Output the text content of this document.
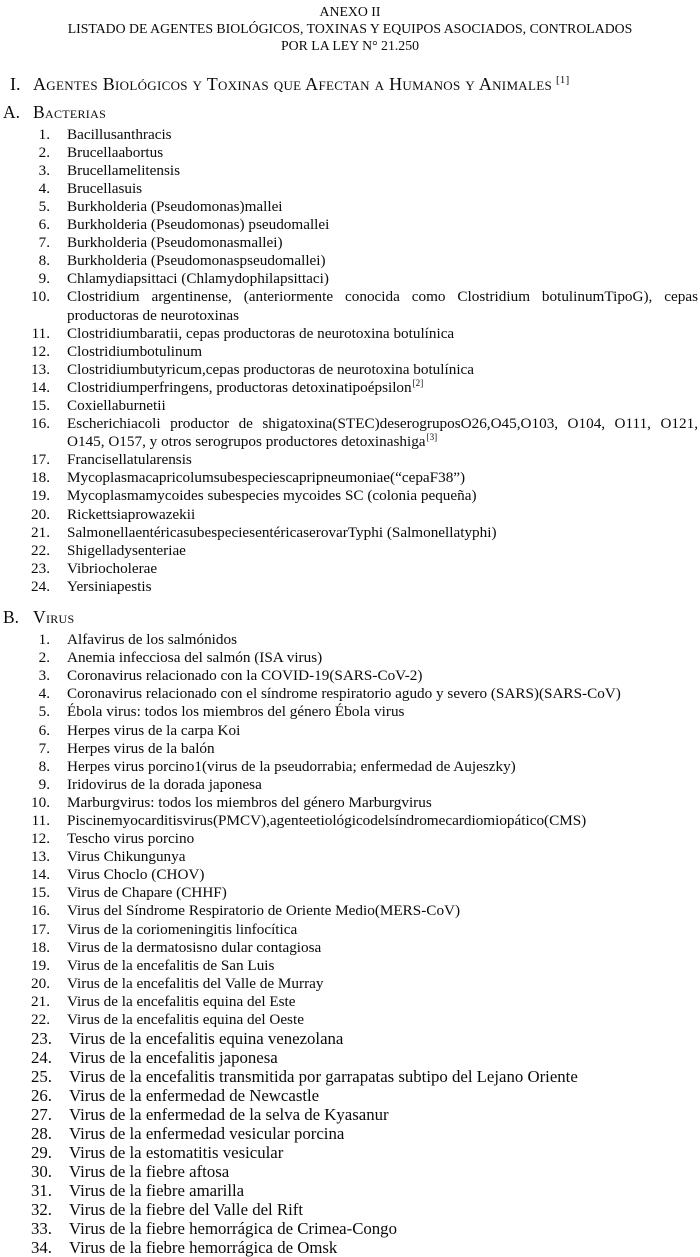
ANEXO II
LISTADO DE AGENTES BIOLÓGICOS, TOXINAS Y EQUIPOS ASOCIADOS, CONTROLADOS
POR LA LEY N° 21.250
I. Agentes Biológicos y Toxinas que Afectan a Humanos y Animales [1]
A. Bacterias
1. Bacillusanthracis
2. Brucellaabortus
3. Brucellamelitensis
4. Brucellasuis
5. Burkholderia (Pseudomonas)mallei
6. Burkholderia (Pseudomonas) pseudomallei
7. Burkholderia (Pseudomonasmallei)
8. Burkholderia (Pseudomonaspseudomallei)
9. Chlamydiapsittaci (Chlamydophilapsittaci)
10. Clostridium argentinense, (anteriormente conocida como Clostridium botulinumTipoG), cepas productoras de neurotoxinas
11. Clostridiumbaratii, cepas productoras de neurotoxina botulínica
12. Clostridiumbotulinum
13. Clostridiumbutyricum,cepas productoras de neurotoxina botulínica
14. Clostridiumperfringens, productoras detoxinatipoépsilon[2]
15. Coxiellaburnetii
16. Escherichiacoli productor de shigatoxina(STEC)deserogruposO26,O45,O103, O104, O111, O121, O145, O157, y otros serogrupos productores detoxinashiga[3]
17. Francisellatularensis
18. Mycoplasmacapricolumsubespeciescapripneumoniae(“cepaF38”)
19. Mycoplasmamycoides subespecies mycoides SC (colonia pequeña)
20. Rickettsiaprowazekii
21. SalmonellaentéricasubespeciesentéricaserovarTyphi (Salmonellatyphi)
22. Shigelladysenteriae
23. Vibriocholerae
24. Yersiniapestis
B. Virus
1. Alfavirus de los salmónidos
2. Anemia infecciosa del salmón (ISA virus)
3. Coronavirus relacionado con la COVID-19(SARS-CoV-2)
4. Coronavirus relacionado con el síndrome respiratorio agudo y severo (SARS)(SARS-CoV)
5. Ébola virus: todos los miembros del género Ébola virus
6. Herpes virus de la carpa Koi
7. Herpes virus de la balón
8. Herpes virus porcino1(virus de la pseudorrabia; enfermedad de Aujeszky)
9. Iridovirus de la dorada japonesa
10. Marburgvirus: todos los miembros del género Marburgvirus
11. Piscinemyocarditisvirus(PMCV),agenteetiológicodelsíndromecardiomiopático(CMS)
12. Tescho virus porcino
13. Virus Chikungunya
14. Virus Choclo (CHOV)
15. Virus de Chapare (CHHF)
16. Virus del Síndrome Respiratorio de Oriente Medio(MERS-CoV)
17. Virus de la coriomeningitis linfocítica
18. Virus de la dermatosisno dular contagiosa
19. Virus de la encefalitis de San Luis
20. Virus de la encefalitis del Valle de Murray
21. Virus de la encefalitis equina del Este
22. Virus de la encefalitis equina del Oeste
23. Virus de la encefalitis equina venezolana
24. Virus de la encefalitis japonesa
25. Virus de la encefalitis transmitida por garrapatas subtipo del Lejano Oriente
26. Virus de la enfermedad de Newcastle
27. Virus de la enfermedad de la selva de Kyasanur
28. Virus de la enfermedad vesicular porcina
29. Virus de la estomatitis vesicular
30. Virus de la fiebre aftosa
31. Virus de la fiebre amarilla
32. Virus de la fiebre del Valle del Rift
33. Virus de la fiebre hemorrágica de Crimea-Congo
34. Virus de la fiebre hemorrágica de Omsk
